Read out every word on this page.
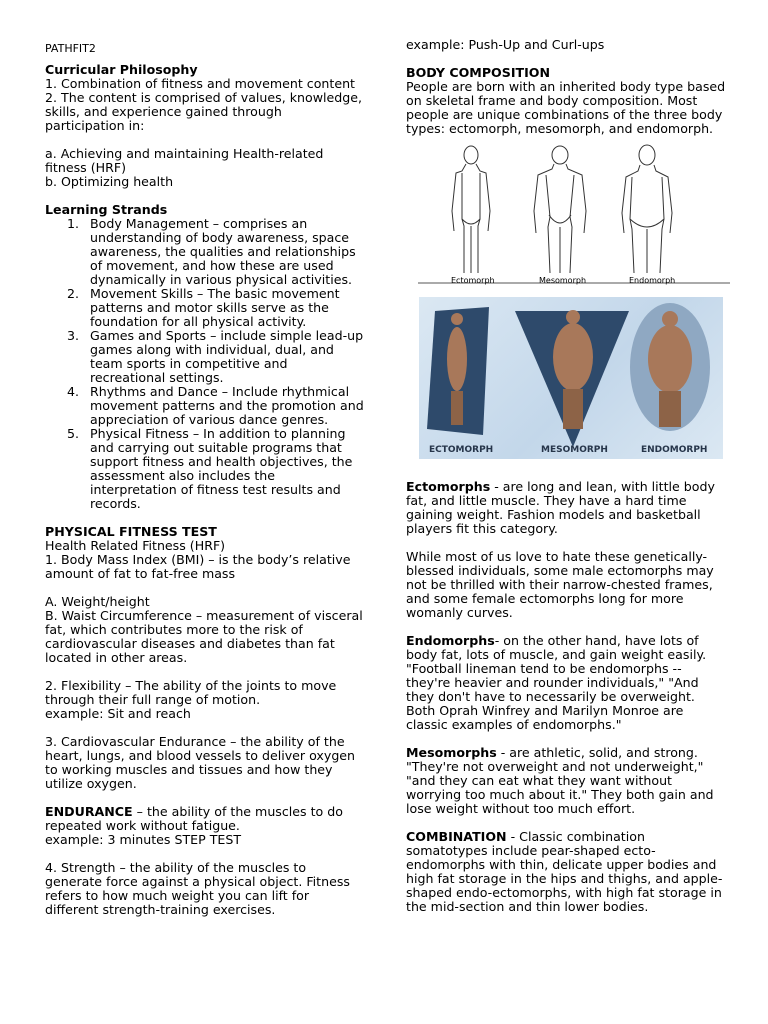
PATHFIT2

Curricular Philosophy

1. Combination of fitness and movement content

2. The content is comprised of values, knowledge, skills, and experience gained through participation in:

a. Achieving and maintaining Health-related fitness (HRF)

b. Optimizing health

Learning Strands

1. Body Management – comprises an understanding of body awareness, space awareness, the qualities and relationships of movement, and how these are used dynamically in various physical activities.
2. Movement Skills – The basic movement patterns and motor skills serve as the foundation for all physical activity.
3. Games and Sports – include simple lead-up games along with individual, dual, and team sports in competitive and recreational settings.
4. Rhythms and Dance – Include rhythmical movement patterns and the promotion and appreciation of various dance genres.
5. Physical Fitness – In addition to planning and carrying out suitable programs that support fitness and health objectives, the assessment also includes the interpretation of fitness test results and records.

PHYSICAL FITNESS TEST

Health Related Fitness (HRF)

1. Body Mass Index (BMI) – is the body’s relative amount of fat to fat-free mass

A. Weight/height

B. Waist Circumference – measurement of visceral fat, which contributes more to the risk of cardiovascular diseases and diabetes than fat located in other areas.

2. Flexibility – The ability of the joints to move through their full range of motion.

example: Sit and reach

3. Cardiovascular Endurance – the ability of the heart, lungs, and blood vessels to deliver oxygen to working muscles and tissues and how they utilize oxygen.

ENDURANCE – the ability of the muscles to do repeated work without fatigue.

example: 3 minutes STEP TEST

4. Strength – the ability of the muscles to generate force against a physical object. Fitness refers to how much weight you can lift for different strength-training exercises.

example: Push-Up and Curl-ups

BODY COMPOSITION

People are born with an inherited body type based on skeletal frame and body composition. Most people are unique combinations of the three body types: ectomorph, mesomorph, and endomorph.

Ectomorph	Mesomorph	Endomorph
ECTOMORPH	MESOMORPH	ENDOMORPH

Ectomorphs - are long and lean, with little body fat, and little muscle. They have a hard time gaining weight. Fashion models and basketball players fit this category.

While most of us love to hate these genetically-blessed individuals, some male ectomorphs may not be thrilled with their narrow-chested frames, and some female ectomorphs long for more womanly curves.

Endomorphs- on the other hand, have lots of body fat, lots of muscle, and gain weight easily. "Football lineman tend to be endomorphs -- they're heavier and rounder individuals," "And they don't have to necessarily be overweight. Both Oprah Winfrey and Marilyn Monroe are classic examples of endomorphs."

Mesomorphs - are athletic, solid, and strong. "They're not overweight and not underweight," "and they can eat what they want without worrying too much about it." They both gain and lose weight without too much effort.

COMBINATION - Classic combination somatotypes include pear-shaped ecto-endomorphs with thin, delicate upper bodies and high fat storage in the hips and thighs, and apple-shaped endo-ectomorphs, with high fat storage in the mid-section and thin lower bodies.
